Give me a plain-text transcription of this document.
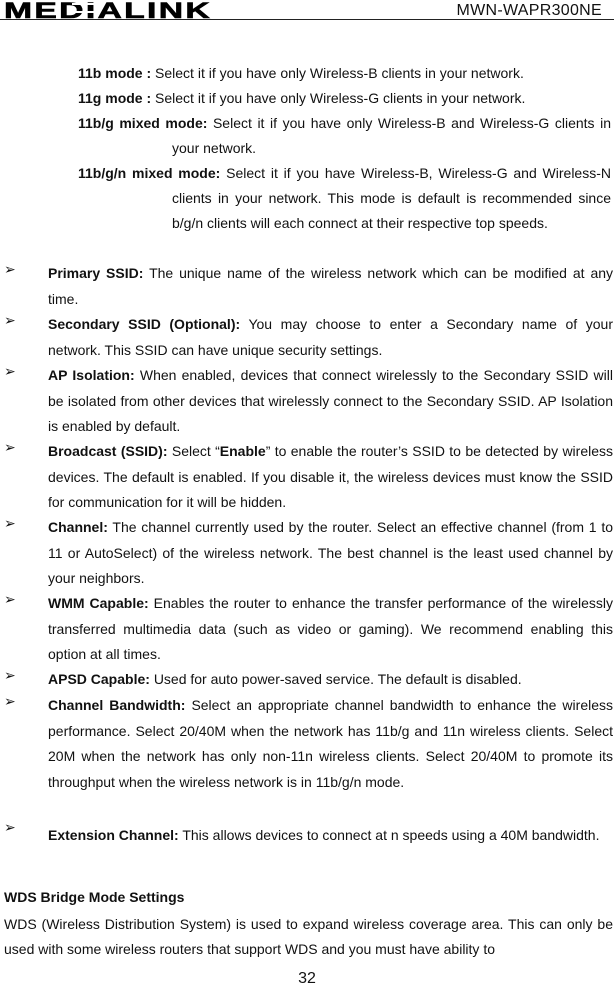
MEDIALINK	MWN-WAPR300NE
11b mode : Select it if you have only Wireless-B clients in your network.
11g mode : Select it if you have only Wireless-G clients in your network.
11b/g mixed mode: Select it if you have only Wireless-B and Wireless-G clients in your network.
11b/g/n mixed mode: Select it if you have Wireless-B, Wireless-G and Wireless-N clients in your network. This mode is default is recommended since b/g/n clients will each connect at their respective top speeds.
➢ Primary SSID: The unique name of the wireless network which can be modified at any time.
➢ Secondary SSID (Optional): You may choose to enter a Secondary name of your network. This SSID can have unique security settings.
➢ AP Isolation: When enabled, devices that connect wirelessly to the Secondary SSID will be isolated from other devices that wirelessly connect to the Secondary SSID. AP Isolation is enabled by default.
➢ Broadcast (SSID): Select “Enable” to enable the router’s SSID to be detected by wireless devices. The default is enabled. If you disable it, the wireless devices must know the SSID for communication for it will be hidden.
➢ Channel: The channel currently used by the router. Select an effective channel (from 1 to 11 or AutoSelect) of the wireless network. The best channel is the least used channel by your neighbors.
➢ WMM Capable: Enables the router to enhance the transfer performance of the wirelessly transferred multimedia data (such as video or gaming). We recommend enabling this option at all times.
➢ APSD Capable: Used for auto power-saved service. The default is disabled.
➢ Channel Bandwidth: Select an appropriate channel bandwidth to enhance the wireless performance. Select 20/40M when the network has 11b/g and 11n wireless clients. Select 20M when the network has only non-11n wireless clients. Select 20/40M to promote its throughput when the wireless network is in 11b/g/n mode.
➢ Extension Channel: This allows devices to connect at n speeds using a 40M bandwidth.
WDS Bridge Mode Settings
WDS (Wireless Distribution System) is used to expand wireless coverage area. This can only be used with some wireless routers that support WDS and you must have ability to
32
